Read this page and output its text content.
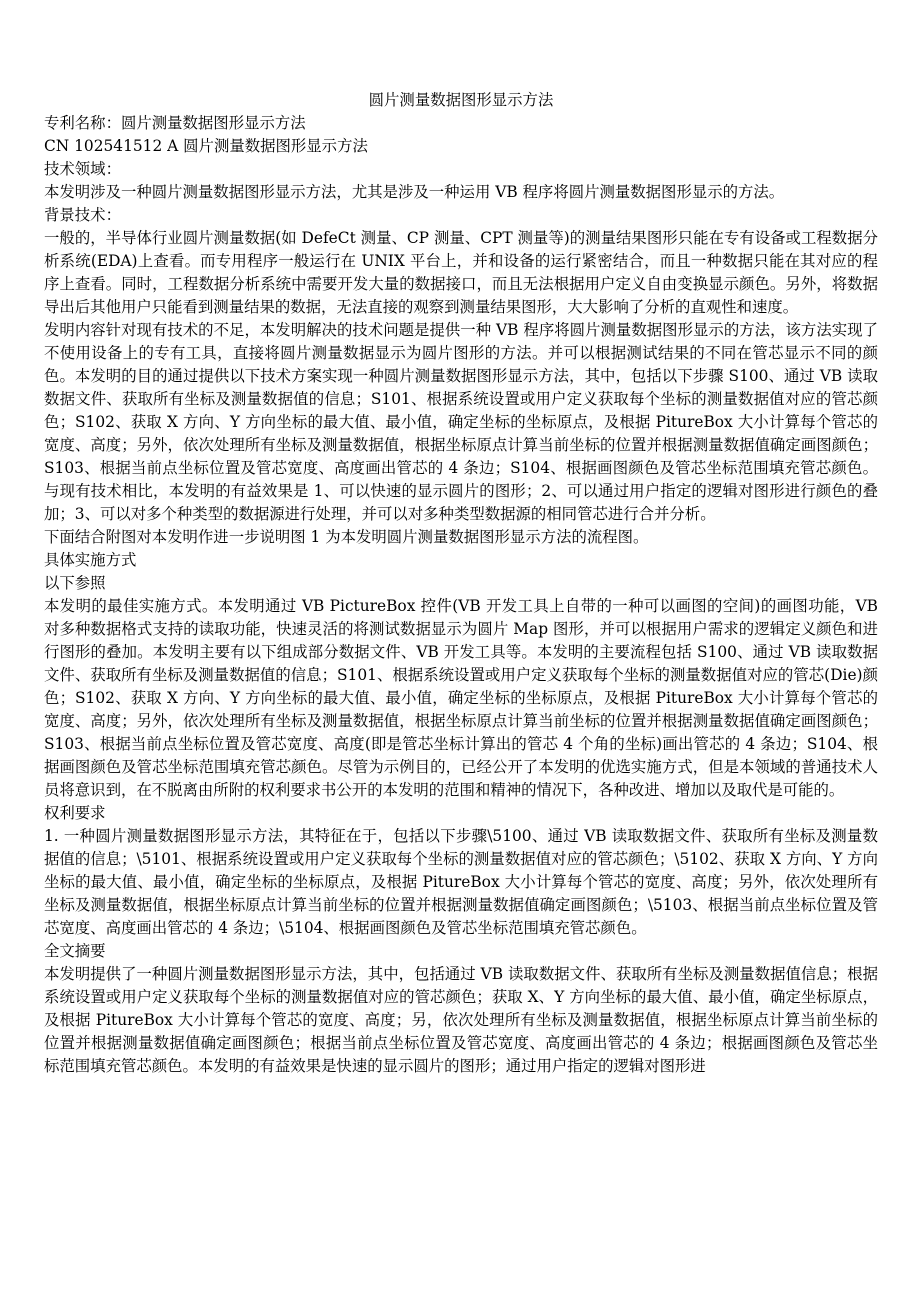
圆片测量数据图形显示方法

专利名称：圆片测量数据图形显示方法

CN 102541512 A 圆片测量数据图形显示方法

技术领域：

本发明涉及一种圆片测量数据图形显示方法，尤其是涉及一种运用 VB 程序将圆片测量数据图形显示的方法。

背景技术：

一般的，半导体行业圆片测量数据(如 DefeCt 测量、CP 测量、CPT 测量等)的测量结果图形只能在专有设备或工程数据分析系统(EDA)上查看。而专用程序一般运行在 UNIX 平台上，并和设备的运行紧密结合，而且一种数据只能在其对应的程序上查看。同时，工程数据分析系统中需要开发大量的数据接口，而且无法根据用户定义自由变换显示颜色。另外，将数据导出后其他用户只能看到测量结果的数据，无法直接的观察到测量结果图形，大大影响了分析的直观性和速度。

发明内容针对现有技术的不足，本发明解决的技术问题是提供一种 VB 程序将圆片测量数据图形显示的方法，该方法实现了不使用设备上的专有工具，直接将圆片测量数据显示为圆片图形的方法。并可以根据测试结果的不同在管芯显示不同的颜色。本发明的目的通过提供以下技术方案实现一种圆片测量数据图形显示方法，其中，包括以下步骤 S100、通过 VB 读取数据文件、获取所有坐标及测量数据值的信息；S101、根据系统设置或用户定义获取每个坐标的测量数据值对应的管芯颜色；S102、获取 X 方向、Y 方向坐标的最大值、最小值，确定坐标的坐标原点，及根据 PitureBox 大小计算每个管芯的宽度、高度；另外，依次处理所有坐标及测量数据值，根据坐标原点计算当前坐标的位置并根据测量数据值确定画图颜色；S103、根据当前点坐标位置及管芯宽度、高度画出管芯的 4 条边；S104、根据画图颜色及管芯坐标范围填充管芯颜色。与现有技术相比，本发明的有益效果是 1、可以快速的显示圆片的图形；2、可以通过用户指定的逻辑对图形进行颜色的叠加；3、可以对多个种类型的数据源进行处理，并可以对多种类型数据源的相同管芯进行合并分析。

下面结合附图对本发明作进一步说明图 1 为本发明圆片测量数据图形显示方法的流程图。

具体实施方式

以下参照

本发明的最佳实施方式。本发明通过 VB PictureBox 控件(VB 开发工具上自带的一种可以画图的空间)的画图功能，VB 对多种数据格式支持的读取功能，快速灵活的将测试数据显示为圆片 Map 图形，并可以根据用户需求的逻辑定义颜色和进行图形的叠加。本发明主要有以下组成部分数据文件、VB 开发工具等。本发明的主要流程包括 S100、通过 VB 读取数据文件、获取所有坐标及测量数据值的信息；S101、根据系统设置或用户定义获取每个坐标的测量数据值对应的管芯(Die)颜色；S102、获取 X 方向、Y 方向坐标的最大值、最小值，确定坐标的坐标原点，及根据 PitureBox 大小计算每个管芯的宽度、高度；另外，依次处理所有坐标及测量数据值，根据坐标原点计算当前坐标的位置并根据测量数据值确定画图颜色；S103、根据当前点坐标位置及管芯宽度、高度(即是管芯坐标计算出的管芯 4 个角的坐标)画出管芯的 4 条边；S104、根据画图颜色及管芯坐标范围填充管芯颜色。尽管为示例目的，已经公开了本发明的优选实施方式，但是本领域的普通技术人员将意识到，在不脱离由所附的权利要求书公开的本发明的范围和精神的情况下，各种改进、增加以及取代是可能的。

权利要求

1. 一种圆片测量数据图形显示方法，其特征在于，包括以下步骤\5100、通过 VB 读取数据文件、获取所有坐标及测量数据值的信息；\5101、根据系统设置或用户定义获取每个坐标的测量数据值对应的管芯颜色；\5102、获取 X 方向、Y 方向坐标的最大值、最小值，确定坐标的坐标原点，及根据 PitureBox 大小计算每个管芯的宽度、高度；另外，依次处理所有坐标及测量数据值，根据坐标原点计算当前坐标的位置并根据测量数据值确定画图颜色；\5103、根据当前点坐标位置及管芯宽度、高度画出管芯的 4 条边；\5104、根据画图颜色及管芯坐标范围填充管芯颜色。

全文摘要

本发明提供了一种圆片测量数据图形显示方法，其中，包括通过 VB 读取数据文件、获取所有坐标及测量数据值信息；根据系统设置或用户定义获取每个坐标的测量数据值对应的管芯颜色；获取 X、Y 方向坐标的最大值、最小值，确定坐标原点，及根据 PitureBox 大小计算每个管芯的宽度、高度；另，依次处理所有坐标及测量数据值，根据坐标原点计算当前坐标的位置并根据测量数据值确定画图颜色；根据当前点坐标位置及管芯宽度、高度画出管芯的 4 条边；根据画图颜色及管芯坐标范围填充管芯颜色。本发明的有益效果是快速的显示圆片的图形；通过用户指定的逻辑对图形进
